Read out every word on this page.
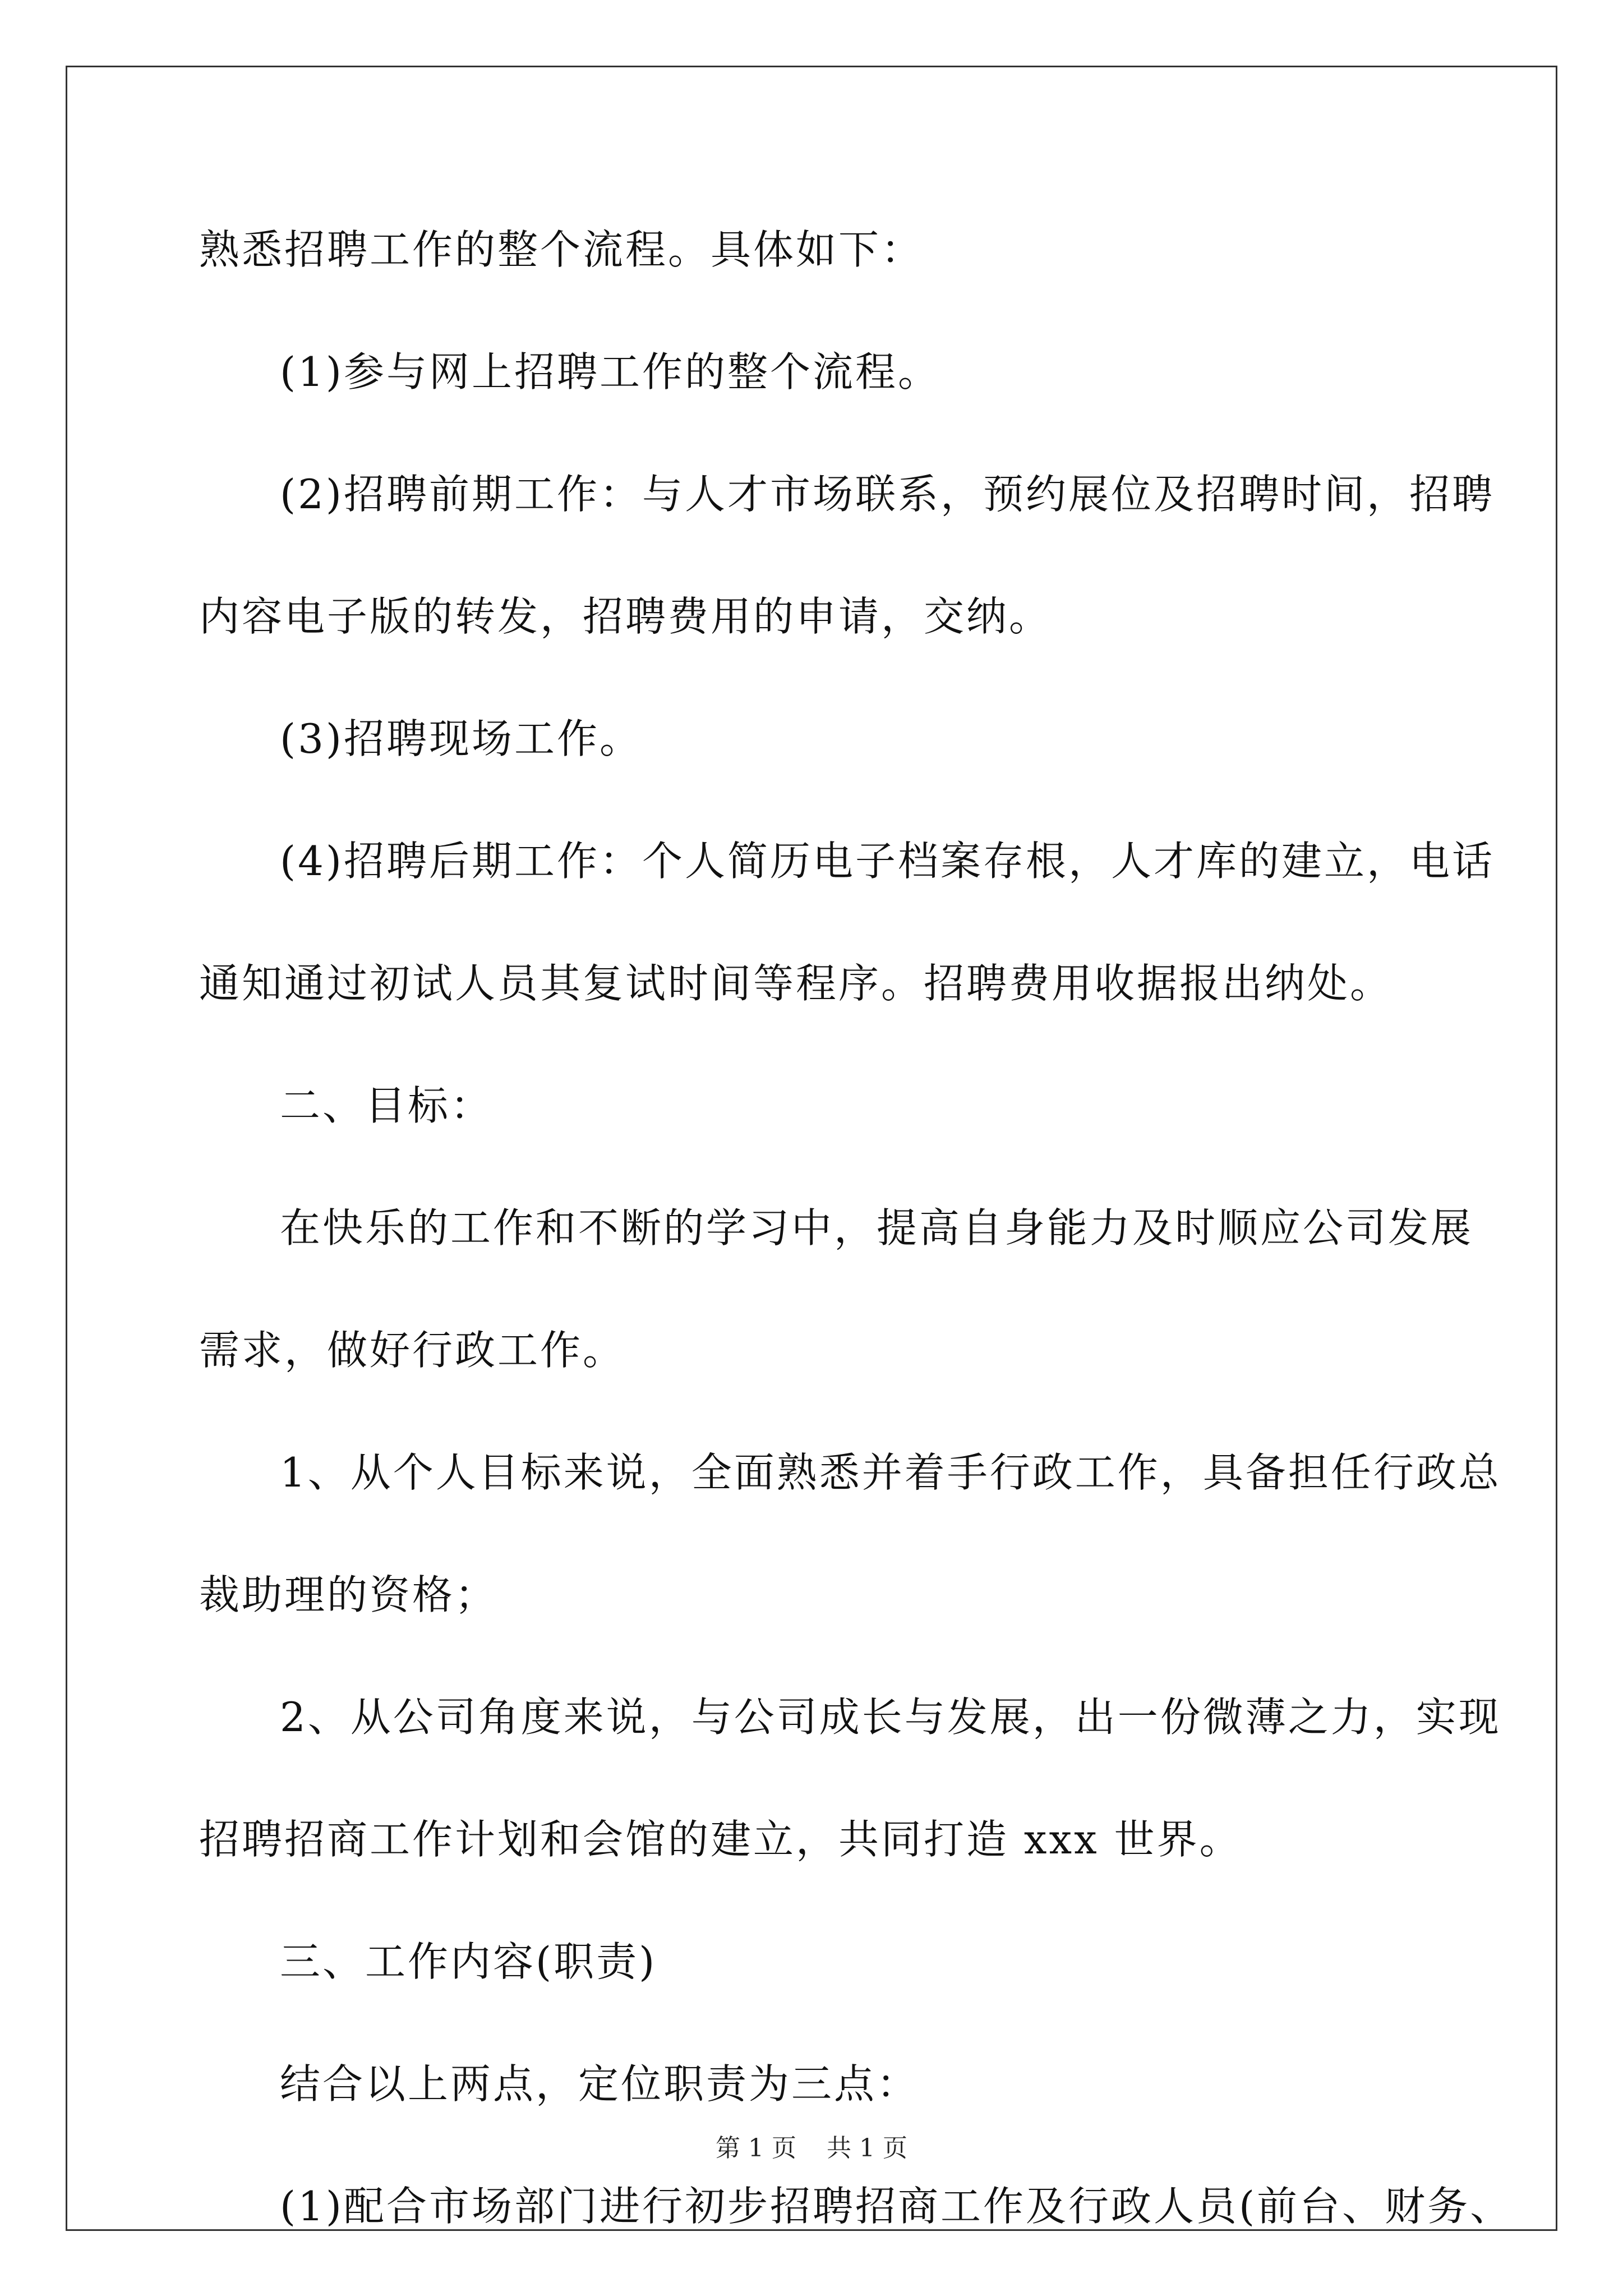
熟悉招聘工作的整个流程。具体如下：
(1)参与网上招聘工作的整个流程。
(2)招聘前期工作：与人才市场联系，预约展位及招聘时间，招聘
内容电子版的转发，招聘费用的申请，交纳。
(3)招聘现场工作。
(4)招聘后期工作：个人简历电子档案存根，人才库的建立，电话
通知通过初试人员其复试时间等程序。招聘费用收据报出纳处。
二、目标：
在快乐的工作和不断的学习中，提高自身能力及时顺应公司发展
需求，做好行政工作。
1、从个人目标来说，全面熟悉并着手行政工作，具备担任行政总
裁助理的资格；
2、从公司角度来说，与公司成长与发展，出一份微薄之力，实现
招聘招商工作计划和会馆的建立，共同打造 xxx 世界。
三、工作内容(职责)
结合以上两点，定位职责为三点：
(1)配合市场部门进行初步招聘招商工作及行政人员(前台、财务、
第 1 页 共 1 页
